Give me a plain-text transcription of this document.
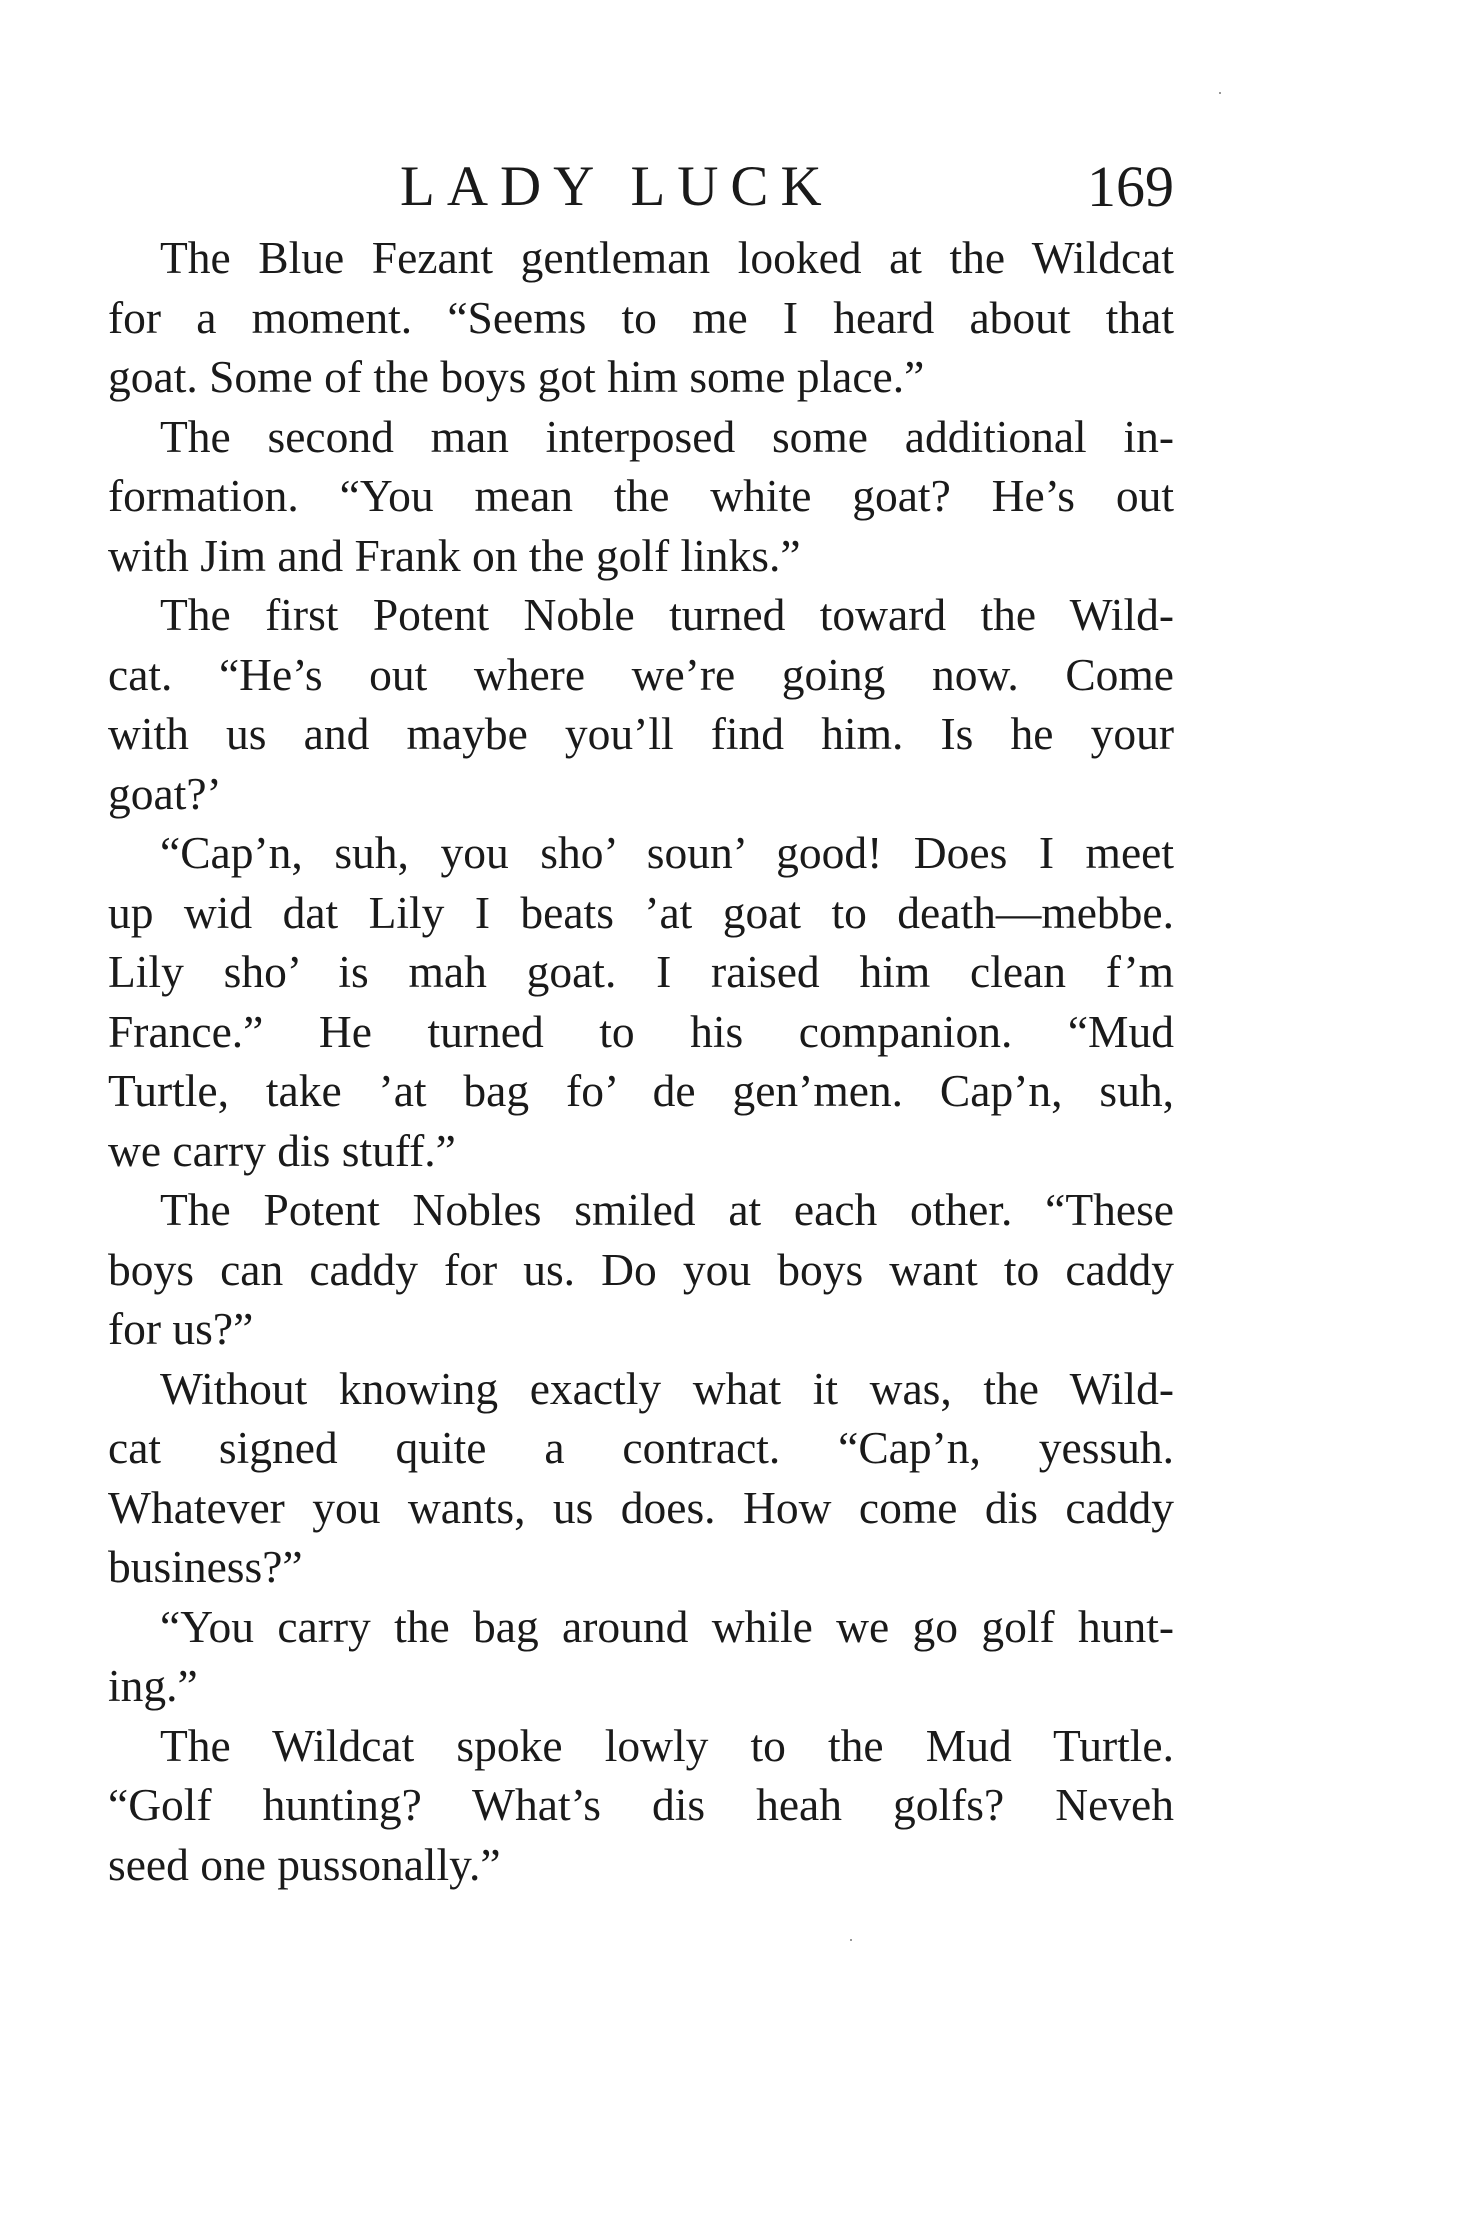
LADY LUCK	169
The Blue Fezant gentleman looked at the Wildcat
for a moment. “Seems to me I heard about that
goat. Some of the boys got him some place.”
The second man interposed some additional in-
formation. “You mean the white goat? He’s out
with Jim and Frank on the golf links.”
The first Potent Noble turned toward the Wild-
cat. “He’s out where we’re going now. Come
with us and maybe you’ll find him. Is he your
goat?’
“Cap’n, suh, you sho’ soun’ good! Does I meet
up wid dat Lily I beats ’at goat to death—mebbe.
Lily sho’ is mah goat. I raised him clean f’m
France.” He turned to his companion. “Mud
Turtle, take ’at bag fo’ de gen’men. Cap’n, suh,
we carry dis stuff.”
The Potent Nobles smiled at each other. “These
boys can caddy for us. Do you boys want to caddy
for us?”
Without knowing exactly what it was, the Wild-
cat signed quite a contract. “Cap’n, yessuh.
Whatever you wants, us does. How come dis caddy
business?”
“You carry the bag around while we go golf hunt-
ing.”
The Wildcat spoke lowly to the Mud Turtle.
“Golf hunting? What’s dis heah golfs? Neveh
seed one pussonally.”
